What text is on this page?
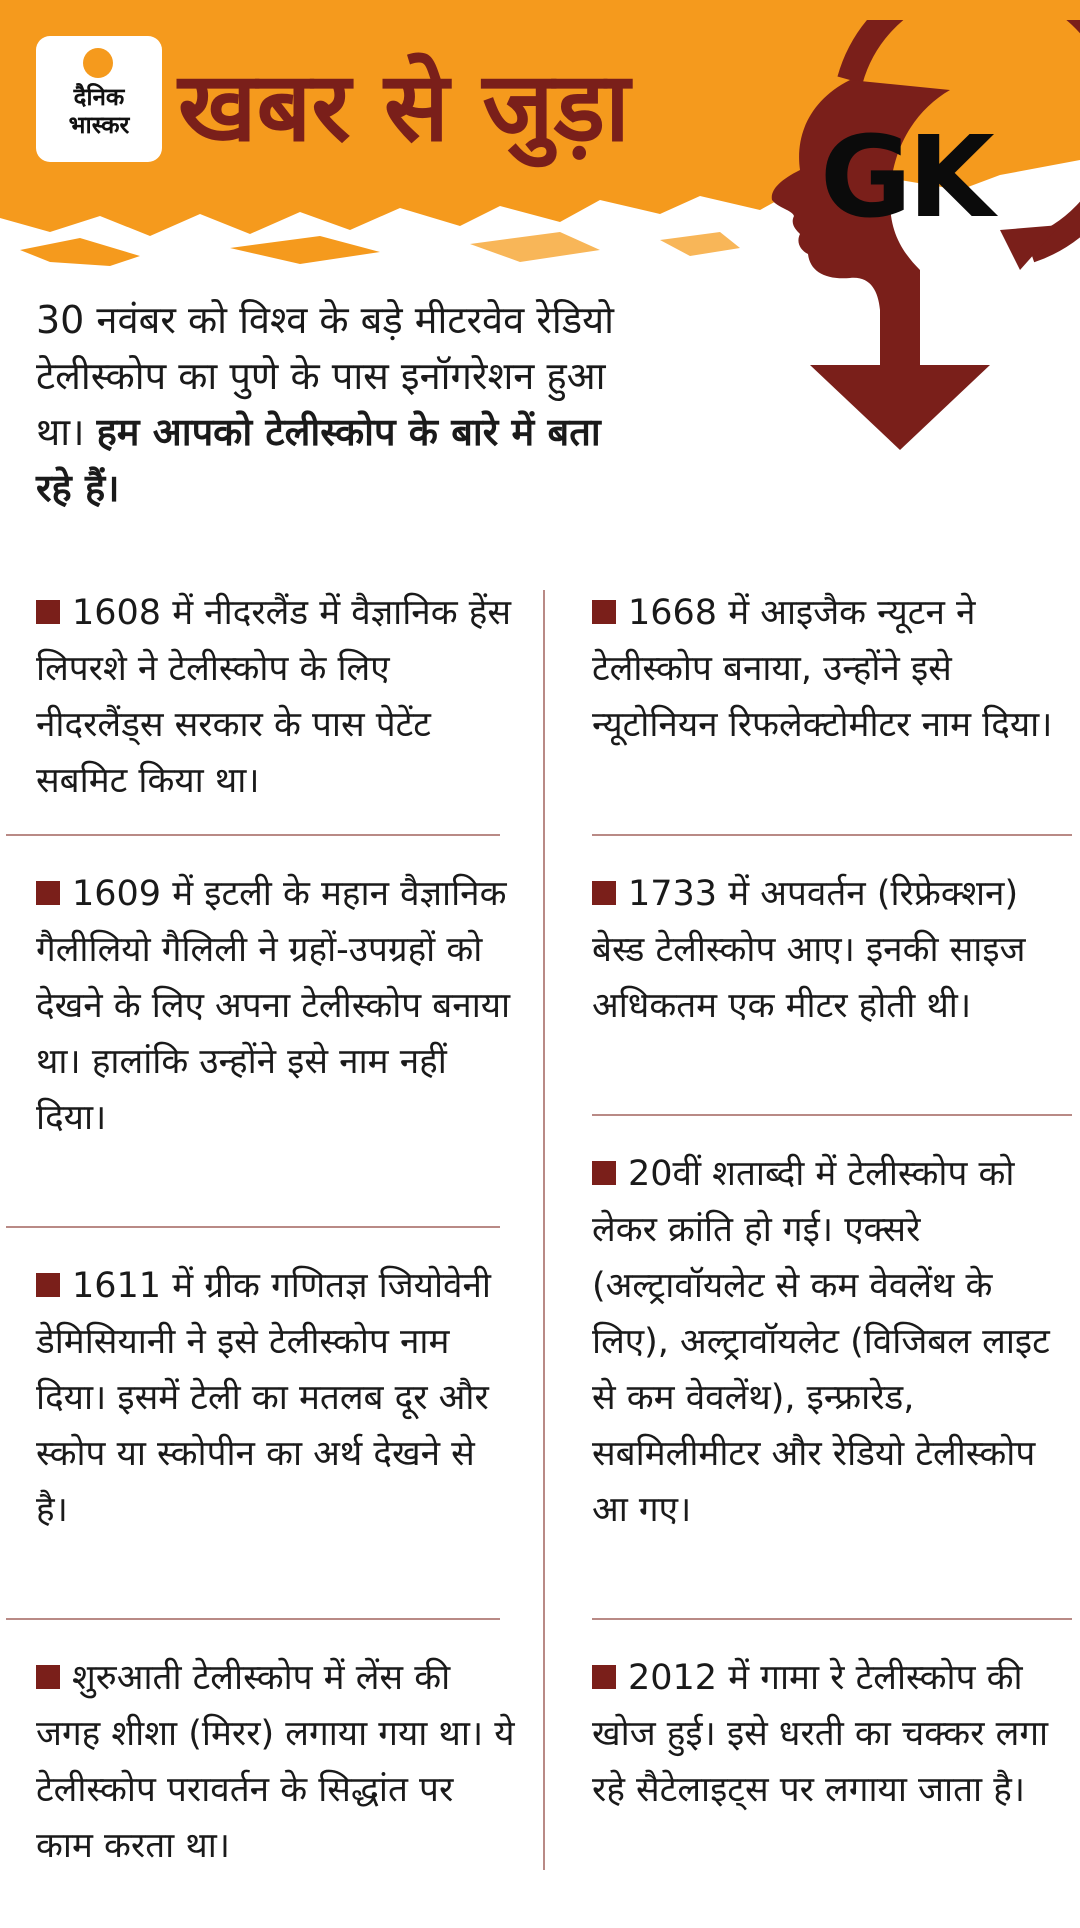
दैनिक
भास्कर खबर से जुड़ा
GK

30 नवंबर को विश्व के बड़े मीटरवेव रेडियो टेलीस्कोप का पुणे के पास इनॉगरेशन हुआ था। हम आपको टेलीस्कोप के बारे में बता रहे हैं।

1608 में नीदरलैंड में वैज्ञानिक हेंस लिपरशे ने टेलीस्कोप के लिए नीदरलैंड्स सरकार के पास पेटेंट सबमिट किया था।

1609 में इटली के महान वैज्ञानिक गैलीलियो गैलिली ने ग्रहों-उपग्रहों को देखने के लिए अपना टेलीस्कोप बनाया था। हालांकि उन्होंने इसे नाम नहीं दिया।

1611 में ग्रीक गणितज्ञ जियोवेनी डेमिसियानी ने इसे टेलीस्कोप नाम दिया। इसमें टेली का मतलब दूर और स्कोप या स्कोपीन का अर्थ देखने से है।

शुरुआती टेलीस्कोप में लेंस की जगह शीशा (मिरर) लगाया गया था। ये टेलीस्कोप परावर्तन के सिद्धांत पर काम करता था।

1668 में आइजैक न्यूटन ने टेलीस्कोप बनाया, उन्होंने इसे न्यूटोनियन रिफलेक्टोमीटर नाम दिया।

1733 में अपवर्तन (रिफ्रेक्शन) बेस्ड टेलीस्कोप आए। इनकी साइज अधिकतम एक मीटर होती थी।

20वीं शताब्दी में टेलीस्कोप को लेकर क्रांति हो गई। एक्सरे (अल्ट्रावॉयलेट से कम वेवलेंथ के लिए), अल्ट्रावॉयलेट (विजिबल लाइट से कम वेवलेंथ), इन्फ्रारेड, सबमिलीमीटर और रेडियो टेलीस्कोप आ गए।

2012 में गामा रे टेलीस्कोप की खोज हुई। इसे धरती का चक्कर लगा रहे सैटेलाइट्स पर लगाया जाता है।
